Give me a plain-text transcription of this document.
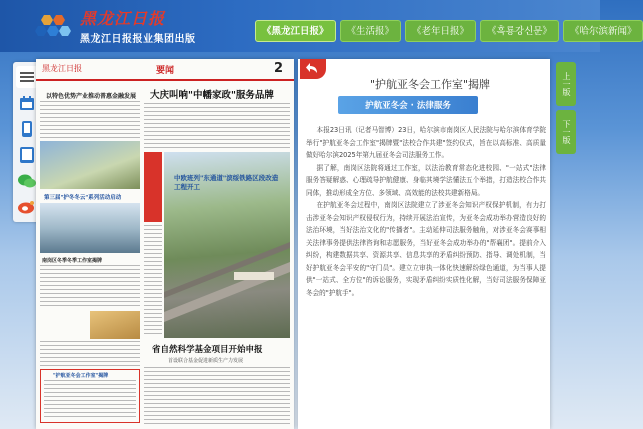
黑龙江日报
黑龙江日报报业集团出版
《黑龙江日报》	《生活报》	《老年日报》	《흑룡강신문》	《哈尔滨新闻》
黑龙江日报	要闻	2
以特色优势产业推动普惠金融发展
第三届"护冬冬云"系列活动启动
南岗区冬季冬季工作室揭牌
"护航亚冬会工作室"揭牌
大庆叫响"中幡家政"服务品牌
中欧班列"东通道"滨绥铁路区段改造工程开工
省自然科学基金项目开始申报
首设联合基金促进新质生产力发展
"护航亚冬会工作室"揭牌
护航亚冬会 · 法律服务

本报23日讯（记者马智博）23日，哈尔滨市南岗区人民法院与哈尔滨体育学院举行"护航亚冬会工作室"揭牌暨"法校合作共建"签约仪式，旨在以高标准、高质量做好哈尔滨2025年第九届亚冬会司法服务工作。

据了解，南岗区法院将通过工作室，以法治教育常态化进校园、"一站式"法律服务答疑解惑、心理疏导护航健康、身临其境学法懂法五个举措，打造法校合作共同体，推动形成全方位、多领域、高效能的法校共建新格局。

在护航亚冬会过程中，南岗区法院建立了涉亚冬会知识产权保护机制，有力打击涉亚冬会知识产权侵权行为，持续开展法治宣传，为亚冬会成功举办营造良好的法治环境，当好法治文化的"传播者"。主动延伸司法服务触角，对涉亚冬会赛事相关法律事务提供法律咨询和志愿服务，当好亚冬会成功举办的"帮襄团"。提前介入纠纷，构建数据共享、资源共享、信息共享的矛盾纠纷预防、指导、调处机制，当好护航亚冬会平安的"守门员"。建立立审执一体化快速解纷绿色通道，为当事人提供"一站式、全方位"的诉讼服务，实现矛盾纠纷实质性化解，当好司法服务保障亚冬会的"护航手"。

上一版
下一版
